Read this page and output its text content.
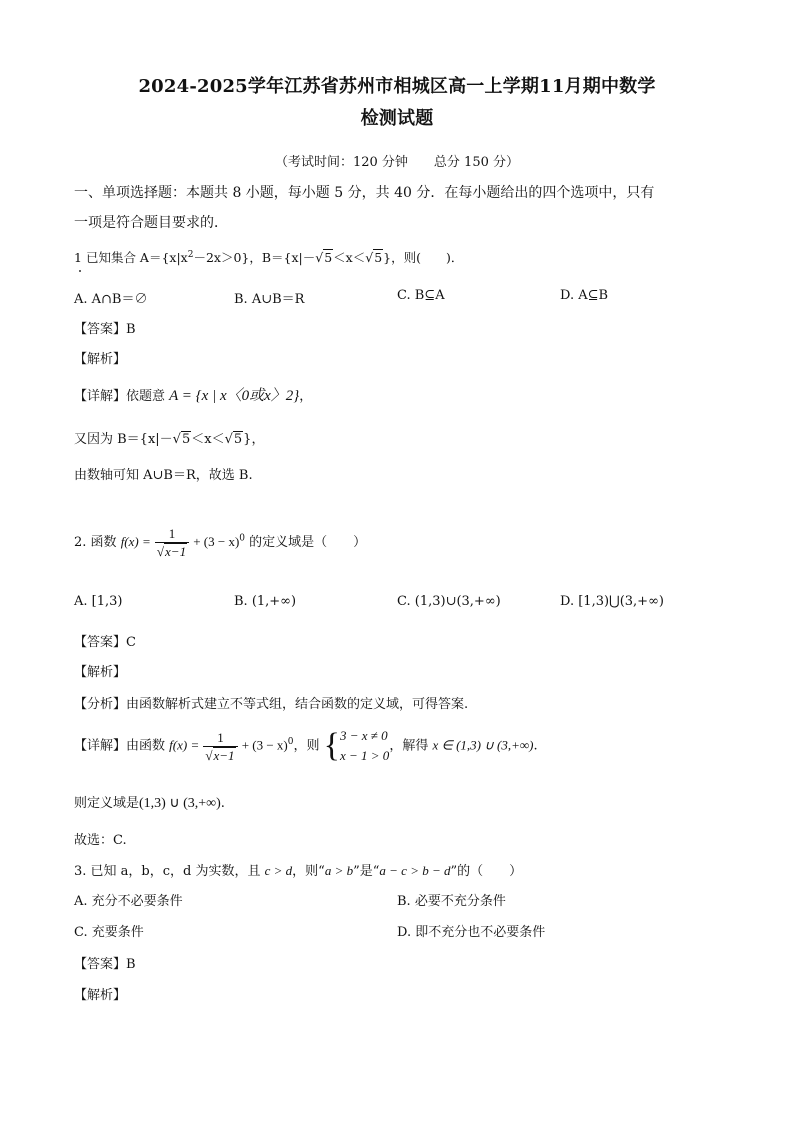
2024-2025学年江苏省苏州市相城区高一上学期11月期中数学
检测试题
（考试时间：120 分钟　　总分 150 分）
一、单项选择题：本题共 8 小题，每小题 5 分，共 40 分．在每小题给出的四个选项中，只有
一项是符合题目要求的．
1 已知集合 $A=\{x|x^2-2x>0\}$，B＝{x|－√5＜x＜√5}，则(　　)．
A. A∩B＝∅	B. A∪B＝R	C. B⊆A	D. A⊆B
【答案】B
【解析】
【详解】依题意 A = {x | x〈0或x〉2}，
又因为 B＝{x|－√5＜x＜√5}，
由数轴可知 A∪B＝R，故选 B.
2. 函数 $f(x) = \frac{1}{√x-1} + (3 - x)^0$ 的定义域是（　　）
A. [1,3)	B. (1,+∞)	C. (1,3)∪(3,+∞)	D. [1,3)⋃(3,+∞)
【答案】C
【解析】
【分析】由函数解析式建立不等式组，结合函数的定义域，可得答案.
【详解】由函数 $f(x) = \frac{1}{√x-1} + (3 - x)^0$，则 { 3 − x ≠ 0
x − 1 > 0
，解得 x ∈ (1,3) ∪ (3,+∞).
则定义域是(1,3) ∪ (3,+∞).
故选：C.
3. 已知 a，b，c，d 为实数，且 c > d，则“a > b”是“a − c > b − d”的（　　）
A. 充分不必要条件	B. 必要不充分条件
C. 充要条件	D. 即不充分也不必要条件
【答案】B
【解析】
